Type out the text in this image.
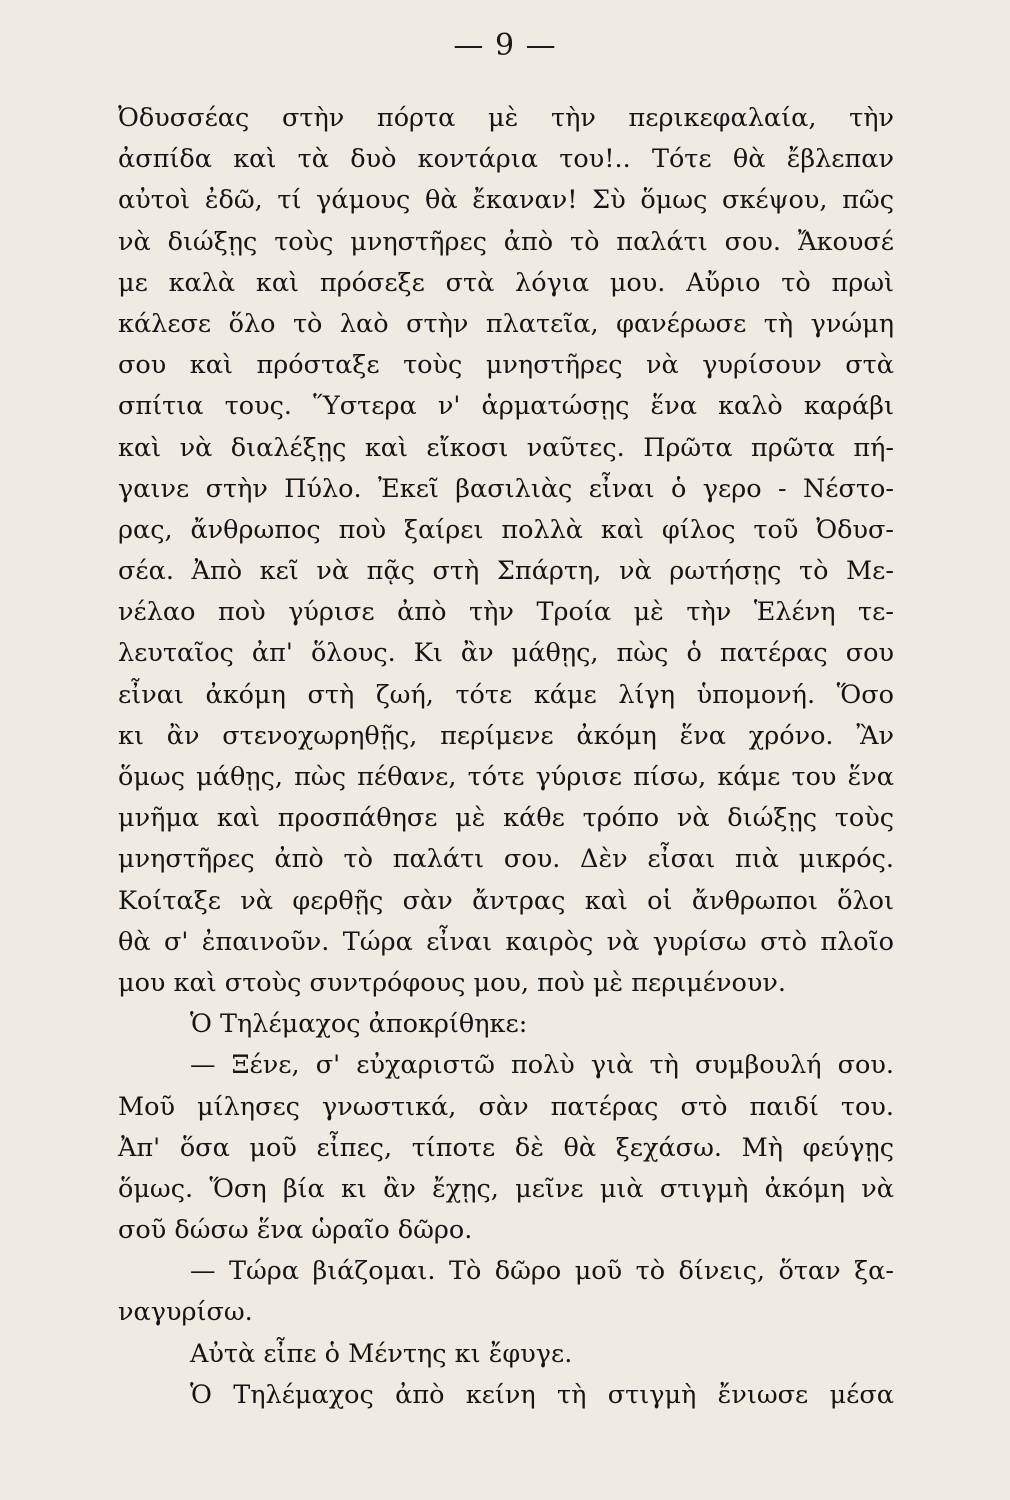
— 9 —
Ὀδυσσέας στὴν πόρτα μὲ τὴν περικεφαλαία, τὴν
ἀσπίδα καὶ τὰ δυὸ κοντάρια του!.. Τότε θὰ ἔβλεπαν
αὐτοὶ ἐδῶ, τί γάμους θὰ ἔκαναν! Σὺ ὅμως σκέψου, πῶς
νὰ διώξῃς τοὺς μνηστῆρες ἀπὸ τὸ παλάτι σου. Ἄκουσέ
με καλὰ καὶ πρόσεξε στὰ λόγια μου. Αὔριο τὸ πρωὶ
κάλεσε ὅλο τὸ λαὸ στὴν πλατεῖα, φανέρωσε τὴ γνώμη
σου καὶ πρόσταξε τοὺς μνηστῆρες νὰ γυρίσουν στὰ
σπίτια τους. Ὕστερα ν' ἁρματώσῃς ἕνα καλὸ καράβι
καὶ νὰ διαλέξῃς καὶ εἴκοσι ναῦτες. Πρῶτα πρῶτα πή-
γαινε στὴν Πύλο. Ἐκεῖ βασιλιὰς εἶναι ὁ γερο - Νέστο-
ρας, ἄνθρωπος ποὺ ξαίρει πολλὰ καὶ φίλος τοῦ Ὀδυσ-
σέα. Ἀπὸ κεῖ νὰ πᾷς στὴ Σπάρτη, νὰ ρωτήσῃς τὸ Με-
νέλαο ποὺ γύρισε ἀπὸ τὴν Τροία μὲ τὴν Ἑλένη τε-
λευταῖος ἀπ' ὅλους. Κι ἂν μάθῃς, πὼς ὁ πατέρας σου
εἶναι ἀκόμη στὴ ζωή, τότε κάμε λίγη ὑπομονή. Ὅσο
κι ἂν στενοχωρηθῇς, περίμενε ἀκόμη ἕνα χρόνο. Ἂν
ὅμως μάθῃς, πὼς πέθανε, τότε γύρισε πίσω, κάμε του ἕνα
μνῆμα καὶ προσπάθησε μὲ κάθε τρόπο νὰ διώξῃς τοὺς
μνηστῆρες ἀπὸ τὸ παλάτι σου. Δὲν εἶσαι πιὰ μικρός.
Κοίταξε νὰ φερθῇς σὰν ἄντρας καὶ οἱ ἄνθρωποι ὅλοι
θὰ σ' ἐπαινοῦν. Τώρα εἶναι καιρὸς νὰ γυρίσω στὸ πλοῖο
μου καὶ στοὺς συντρόφους μου, ποὺ μὲ περιμένουν.
Ὁ Τηλέμαχος ἀποκρίθηκε:
— Ξένε, σ' εὐχαριστῶ πολὺ γιὰ τὴ συμβουλή σου.
Μοῦ μίλησες γνωστικά, σὰν πατέρας στὸ παιδί του.
Ἀπ' ὅσα μοῦ εἶπες, τίποτε δὲ θὰ ξεχάσω. Μὴ φεύγῃς
ὅμως. Ὅση βία κι ἂν ἔχῃς, μεῖνε μιὰ στιγμὴ ἀκόμη νὰ
σοῦ δώσω ἕνα ὡραῖο δῶρο.
— Τώρα βιάζομαι. Τὸ δῶρο μοῦ τὸ δίνεις, ὅταν ξα-
ναγυρίσω.
Αὐτὰ εἶπε ὁ Μέντης κι ἔφυγε.
Ὁ Τηλέμαχος ἀπὸ κείνη τὴ στιγμὴ ἔνιωσε μέσα
